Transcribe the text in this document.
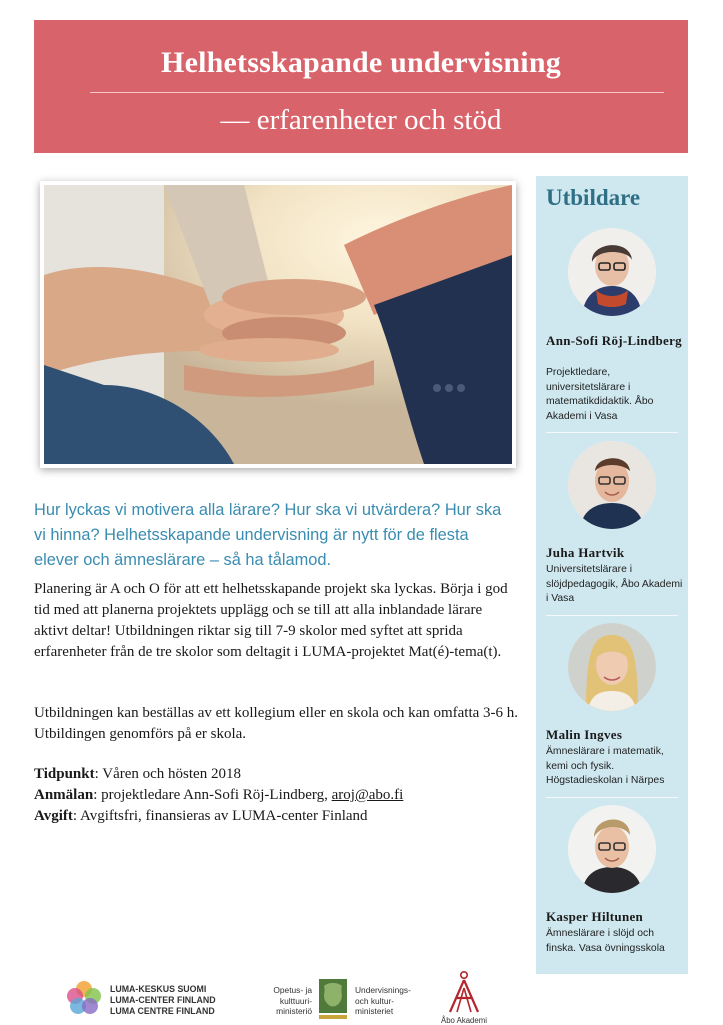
Helhetsskapande undervisning
— erfarenheter och stöd
Hur lyckas vi motivera alla lärare? Hur ska vi utvärdera? Hur ska vi hinna? Helhetsskapande undervisning är nytt för de flesta elever och ämneslärare – så ha tålamod.
Planering är A och O för att ett helhetsskapande projekt ska lyckas. Börja i god tid med att planerna projektets upplägg och se till att alla inblandade lärare aktivt deltar! Utbildningen riktar sig till 7-9 skolor med syftet att sprida erfarenheter från de tre skolor som deltagit i LUMA-projektet Mat(é)-tema(t).
Utbildningen kan beställas av ett kollegium eller en skola och kan omfatta 3-6 h. Utbildingen genomförs på er skola.
Tidpunkt: Våren och hösten 2018
Anmälan: projektledare Ann-Sofi Röj-Lindberg, aroj@abo.fi
Avgift: Avgiftsfri, finansieras av LUMA-center Finland
Utbildare
Ann-Sofi Röj-Lindberg
Projektledare, universitetslärare i matematikdidaktik. Åbo Akademi i Vasa
Juha Hartvik
Universitetslärare i slöjdpedagogik, Åbo Akademi i Vasa
Malin Ingves
Ämneslärare i matematik, kemi och fysik. Högstadieskolan i Närpes
Kasper Hiltunen
Ämneslärare i slöjd och finska. Vasa övningsskola
LUMA-KESKUS SUOMI
LUMA-CENTER FINLAND
LUMA CENTRE FINLAND
Opetus- ja
kulttuuri-
ministeriö
Undervisnings-
och kultur-
ministeriet
Åbo Akademi
